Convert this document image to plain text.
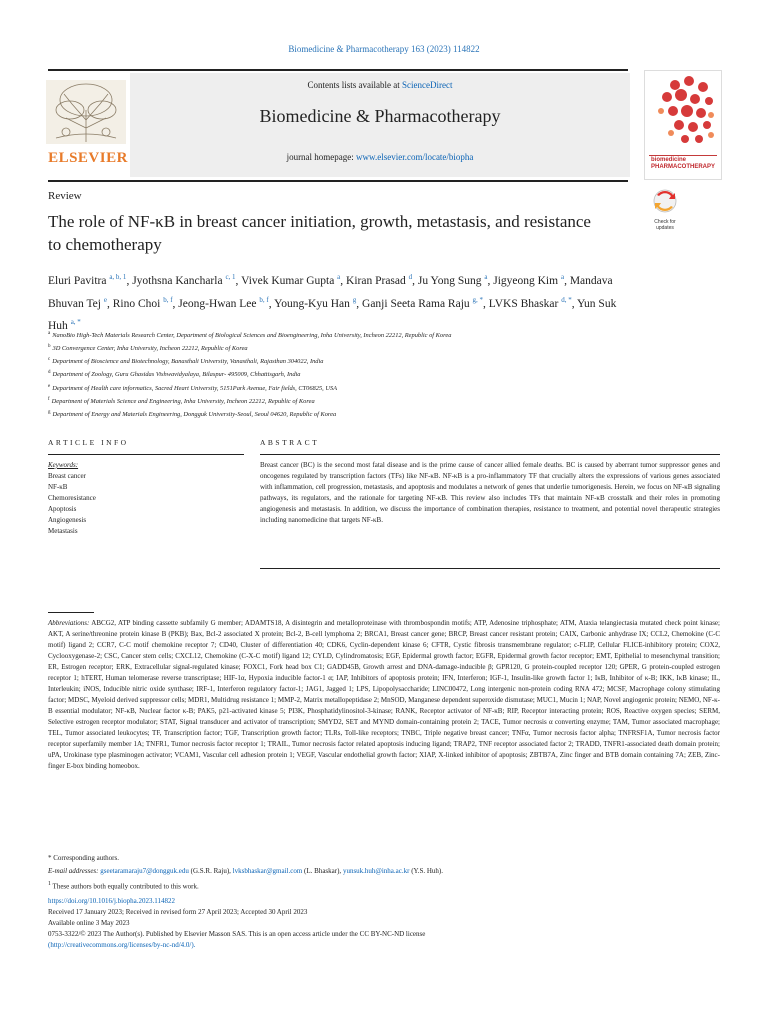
Biomedicine & Pharmacotherapy 163 (2023) 114822
ELSEVIER
Contents lists available at ScienceDirect
Biomedicine & Pharmacotherapy
journal homepage: www.elsevier.com/locate/biopha	biomedicine PHARMACOTHERAPY
Review
The role of NF-κB in breast cancer initiation, growth, metastasis, and resistance to chemotherapy
Check for
updates
Eluri Pavitra $^{a, b, 1}$, Jyothsna Kancharla $^{c, 1}$, Vivek Kumar Gupta $^a$, Kiran Prasad $^d$, Ju Yong Sung $^a$, Jigyeong Kim $^a$, Mandava Bhuvan Tej $^e$, Rino Choi $^{b, f}$, Jeong-Hwan Lee $^{b, f}$, Young-Kyu Han $^g$, Ganji Seeta Rama Raju $^{g, *}$, LVKS Bhaskar $^{d, *}$, Yun Suk Huh $^{a, *}$
$^a$ NanoBio High-Tech Materials Research Center, Department of Biological Sciences and Bioengineering, Inha University, Incheon 22212, Republic of Korea
$^b$ 3D Convergence Center, Inha University, Incheon 22212, Republic of Korea
$^c$ Department of Bioscience and Biotechnology, Banasthali University, Vanasthali, Rajasthan 304022, India
$^d$ Department of Zoology, Guru Ghasidas Vishwavidyalaya, Bilaspur- 495009, Chhattisgarh, India
$^e$ Department of Health care informatics, Sacred Heart University, 5151Park Avenue, Fair fields, CT06825, USA
$^f$ Department of Materials Science and Engineering, Inha University, Incheon 22212, Republic of Korea
$^g$ Department of Energy and Materials Engineering, Dongguk University-Seoul, Seoul 04620, Republic of Korea
ARTICLE INFO	ABSTRACT
Keywords:
Breast cancer
NF-κB
Chemoresistance
Apoptosis
Angiogenesis
Metastasis
Breast cancer (BC) is the second most fatal disease and is the prime cause of cancer allied female deaths. BC is caused by aberrant tumor suppressor genes and oncogenes regulated by transcription factors (TFs) like NF-κB. NF-κB is a pro-inflammatory TF that crucially alters the expressions of various genes associated with inflammation, cell progression, metastasis, and apoptosis and modulates a network of genes that underlie tumorigenesis. Herein, we focus on NF-κB signaling pathways, its regulators, and the rationale for targeting NF-κB. This review also includes TFs that maintain NF-κB crosstalk and their roles in promoting angiogenesis and metastasis. In addition, we discuss the importance of combination therapies, resistance to treatment, and potential novel therapeutic strategies including nanomedicine that targets NF-κB.
Abbreviations: ABCG2, ATP binding cassette subfamily G member; ADAMTS18, A disintegrin and metalloproteinase with thrombospondin motifs; ATP, Adenosine triphosphate; ATM, Ataxia telangiectasia mutated check point kinase; AKT, A serine/threonine protein kinase B (PKB); Bax, Bcl-2 associated X protein; Bcl-2, B-cell lymphoma 2; BRCA1, Breast cancer gene; BRCP, Breast cancer resistant protein; CAIX, Carbonic anhydrase IX; CCL2, Chemokine (C-C motif) ligand 2; CCR7, C-C motif chemokine receptor 7; CD40, Cluster of differentiation 40; CDK6, Cyclin-dependent kinase 6; CFTR, Cystic fibrosis transmembrane regulator; c-FLIP, Cellular FLICE-inhibitory protein; COX2, Cyclooxygenase-2; CSC, Cancer stem cells; CXCL12, Chemokine (C-X-C motif) ligand 12; CYLD, Cylindromatosis; EGF, Epidermal growth factor; EGFR, Epidermal growth factor receptor; EMT, Epithelial to mesenchymal transition; ER, Estrogen receptor; ERK, Extracellular signal-regulated kinase; FOXC1, Fork head box C1; GADD45B, Growth arrest and DNA-damage-inducible β; GPR120, G protein-coupled receptor 120; GPER, G protein-coupled estrogen receptor 1; hTERT, Human telomerase reverse transcriptase; HIF-1α, Hypoxia inducible factor-1 α; IAP, Inhibitors of apoptosis protein; IFN, Interferon; IGF-1, Insulin-like growth factor 1; IκB, Inhibitor of κ-B; IKK, IκB kinase; IL, Interleukin; iNOS, Inducible nitric oxide synthase; IRF-1, Interferon regulatory factor-1; JAG1, Jagged 1; LPS, Lipopolysaccharide; LINC00472, Long intergenic non-protein coding RNA 472; MCSF, Macrophage colony stimulating factor; MDSC, Myeloid derived suppressor cells; MDR1, Multidrug resistance 1; MMP-2, Matrix metallopeptidase 2; MnSOD, Manganese dependent superoxide dismutase; MUC1, Mucin 1; NAP, Novel angiogenic protein; NEMO, NF-κ-B essential modulator; NF-κB, Nuclear factor κ-B; PAK5, p21-activated kinase 5; PI3K, Phosphatidylinositol-3-kinase; RANK, Receptor activator of NF-κB; RIP, Receptor interacting protein; ROS, Reactive oxygen species; SERM, Selective estrogen receptor modulator; STAT, Signal transducer and activator of transcription; SMYD2, SET and MYND domain-containing protein 2; TACE, Tumor necrosis α converting enzyme; TAM, Tumor associated macrophage; TEL, Tumor associated leukocytes; TF, Transcription factor; TGF, Transcription growth factor; TLRs, Toll-like receptors; TNBC, Triple negative breast cancer; TNFα, Tumor necrosis factor alpha; TNFRSF1A, Tumor necrosis factor receptor superfamily member 1A; TNFR1, Tumor necrosis factor receptor 1; TRAIL, Tumor necrosis factor related apoptosis inducing ligand; TRAP2, TNF receptor associated factor 2; TRADD, TNFR1-associated death domain protein; uPA, Urokinase type plasminogen activator; VCAM1, Vascular cell adhesion protein 1; VEGF, Vascular endothelial growth factor; XIAP, X-linked inhibitor of apoptosis; ZBTB7A, Zinc finger and BTB domain containing 7A; ZEB, Zinc-finger E-box binding homeobox.
* Corresponding authors.
E-mail addresses: gseetaramaraju7@dongguk.edu (G.S.R. Raju), lvksbhaskar@gmail.com (L. Bhaskar), yunsuk.huh@inha.ac.kr (Y.S. Huh).
$^1$ These authors both equally contributed to this work.
https://doi.org/10.1016/j.biopha.2023.114822
Received 17 January 2023; Received in revised form 27 April 2023; Accepted 30 April 2023
Available online 3 May 2023
0753-3322/© 2023 The Author(s). Published by Elsevier Masson SAS. This is an open access article under the CC BY-NC-ND license
(http://creativecommons.org/licenses/by-nc-nd/4.0/).
